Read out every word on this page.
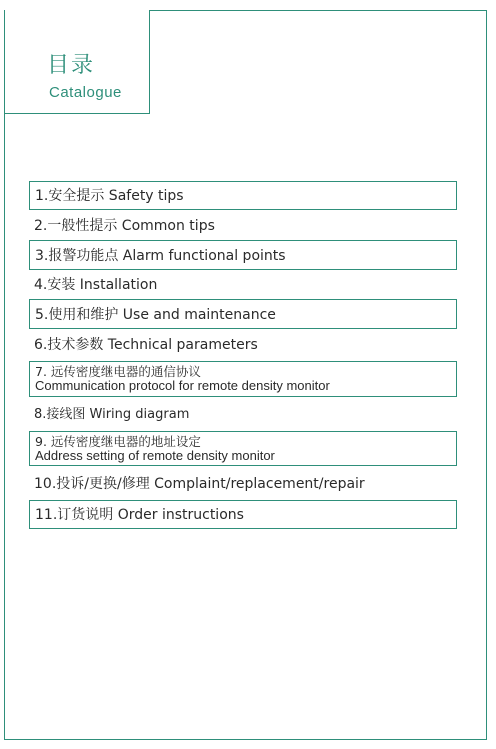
目录
Catalogue
1.安全提示 Safety tips
2.一般性提示 Common tips
3.报警功能点 Alarm functional points
4.安装 Installation
5.使用和维护 Use and maintenance
6.技术参数 Technical parameters
7. 远传密度继电器的通信协议
Communication protocol for remote density monitor
8.接线图 Wiring diagram
9. 远传密度继电器的地址设定
Address setting of remote density monitor
10.投诉/更换/修理 Complaint/replacement/repair
11.订货说明 Order instructions
